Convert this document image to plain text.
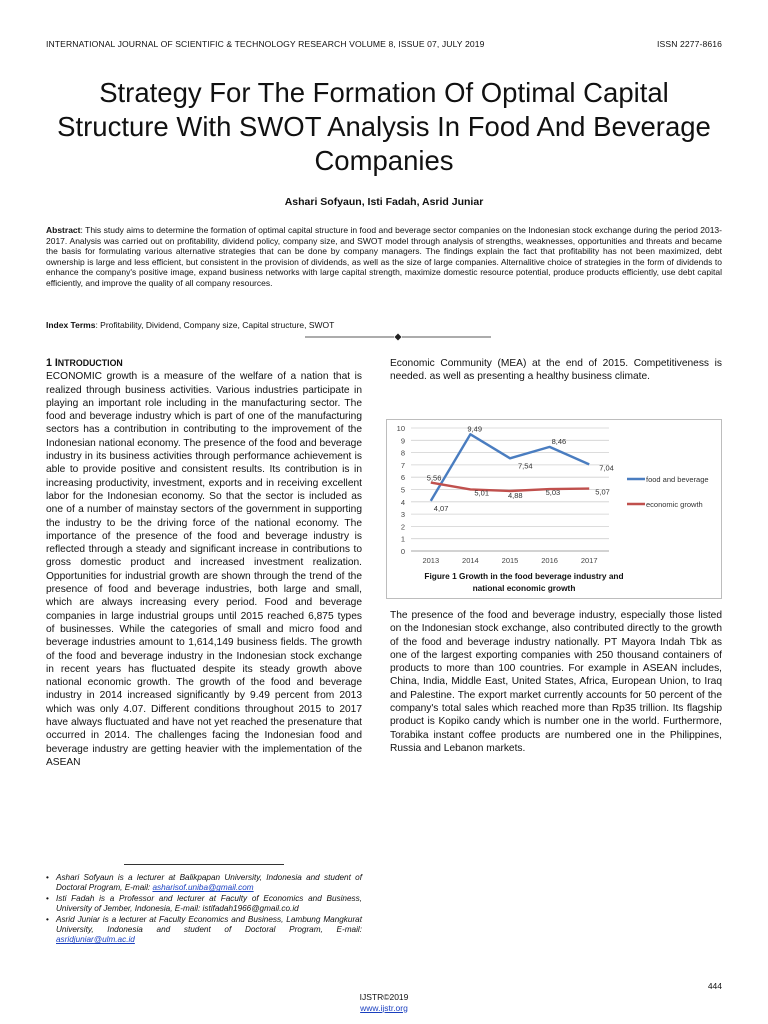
INTERNATIONAL JOURNAL OF SCIENTIFIC & TECHNOLOGY RESEARCH VOLUME 8, ISSUE 07, JULY 2019	ISSN 2277-8616
Strategy For The Formation Of Optimal Capital Structure With SWOT Analysis In Food And Beverage Companies
Ashari Sofyaun, Isti Fadah, Asrid Juniar
Abstract: This study aims to determine the formation of optimal capital structure in food and beverage sector companies on the Indonesian stock exchange during the period 2013-2017. Analysis was carried out on profitability, dividend policy, company size, and SWOT model through analysis of strengths, weaknesses, opportunities and threats and became the basis for formulating various alternative strategies that can be done by company managers. The findings explain the fact that profitability has not been maximized, debt ownership is large and less efficient, but consistent in the provision of dividends, as well as the size of large companies. Alternalitive choice of strategies in the form of dividends to enhance the company's positive image, expand business networks with large capital strength, maximize domestic resource potential, produce products efficiently, use debt capital efficiently, and improve the quality of all company resources.
Index Terms: Profitability, Dividend, Company size, Capital structure, SWOT
1 INTRODUCTION
ECONOMIC growth is a measure of the welfare of a nation that is realized through business activities. Various industries participate in playing an important role including in the manufacturing sector. The food and beverage industry which is part of one of the manufacturing sectors has a contribution in contributing to the improvement of the Indonesian national economy. The presence of the food and beverage industry in its business activities through performance achievement is able to provide positive and consistent results. Its contribution is in increasing productivity, investment, exports and in receiving excellent labor for the Indonesian economy. So that the sector is included as one of a number of mainstay sectors of the government in supporting the industry to be the driving force of the national economy. The importance of the presence of the food and beverage industry is reflected through a steady and significant increase in contributions to gross domestic product and increased investment realization. Opportunities for industrial growth are shown through the trend of the presence of food and beverage industries, both large and small, which are always increasing every period. Food and beverage companies in large industrial groups until 2015 reached 6,875 types of businesses. While the categories of small and micro food and beverage industries amount to 1,614,149 business fields. The growth of the food and beverage industry in the Indonesian stock exchange in recent years has fluctuated despite its steady growth above national economic growth. The growth of the food and beverage industry in 2014 increased significantly by 9.49 percent from 2013 which was only 4.07. Different conditions throughout 2015 to 2017 have always fluctuated and have not yet reached the presenature that occurred in 2014. The challenges facing the Indonesian food and beverage industry are getting heavier with the implementation of the ASEAN
Economic Community (MEA) at the end of 2015. Competitiveness is needed. as well as presenting a healthy business climate.
0
1
2
3
4
5
6
7
8
9
10
2013	2014	2015	2016	2017
4,07
9,49
7,54
8,46
7,04
food and beverage
5,56
5,01	4,88	5,03	5,07
economic growth
Figure 1 Growth in the food beverage industry and
national economic growth
The presence of the food and beverage industry, especially those listed on the Indonesian stock exchange, also contributed directly to the growth of the food and beverage industry nationally. PT Mayora Indah Tbk as one of the largest exporting companies with 250 thousand containers of products to more than 100 countries. For example in ASEAN includes, China, India, Middle East, United States, Africa, European Union, to Iraq and Palestine. The export market currently accounts for 50 percent of the company's total sales which reached more than Rp35 trillion. Its flagship product is Kopiko candy which is number one in the world. Furthermore, Torabika instant coffee products are numbered one in the Philippines, Russia and Lebanon markets.
• Ashari Sofyaun is a lecturer at Balikpapan University, Indonesia and student of Doctoral Program, E-mail: asharisof.uniba@gmail.com
• Isti Fadah is a Professor and lecturer at Faculty of Economics and Business, University of Jember, Indonesia, E-mail: istifadah1966@gmail.co.id
• Asrid Juniar is a lecturer at Faculty Economics and Business, Lambung Mangkurat University, Indonesia and student of Doctoral Program, E-mail: asridjuniar@ulm.ac.id
444
IJSTR©2019
www.ijstr.org
